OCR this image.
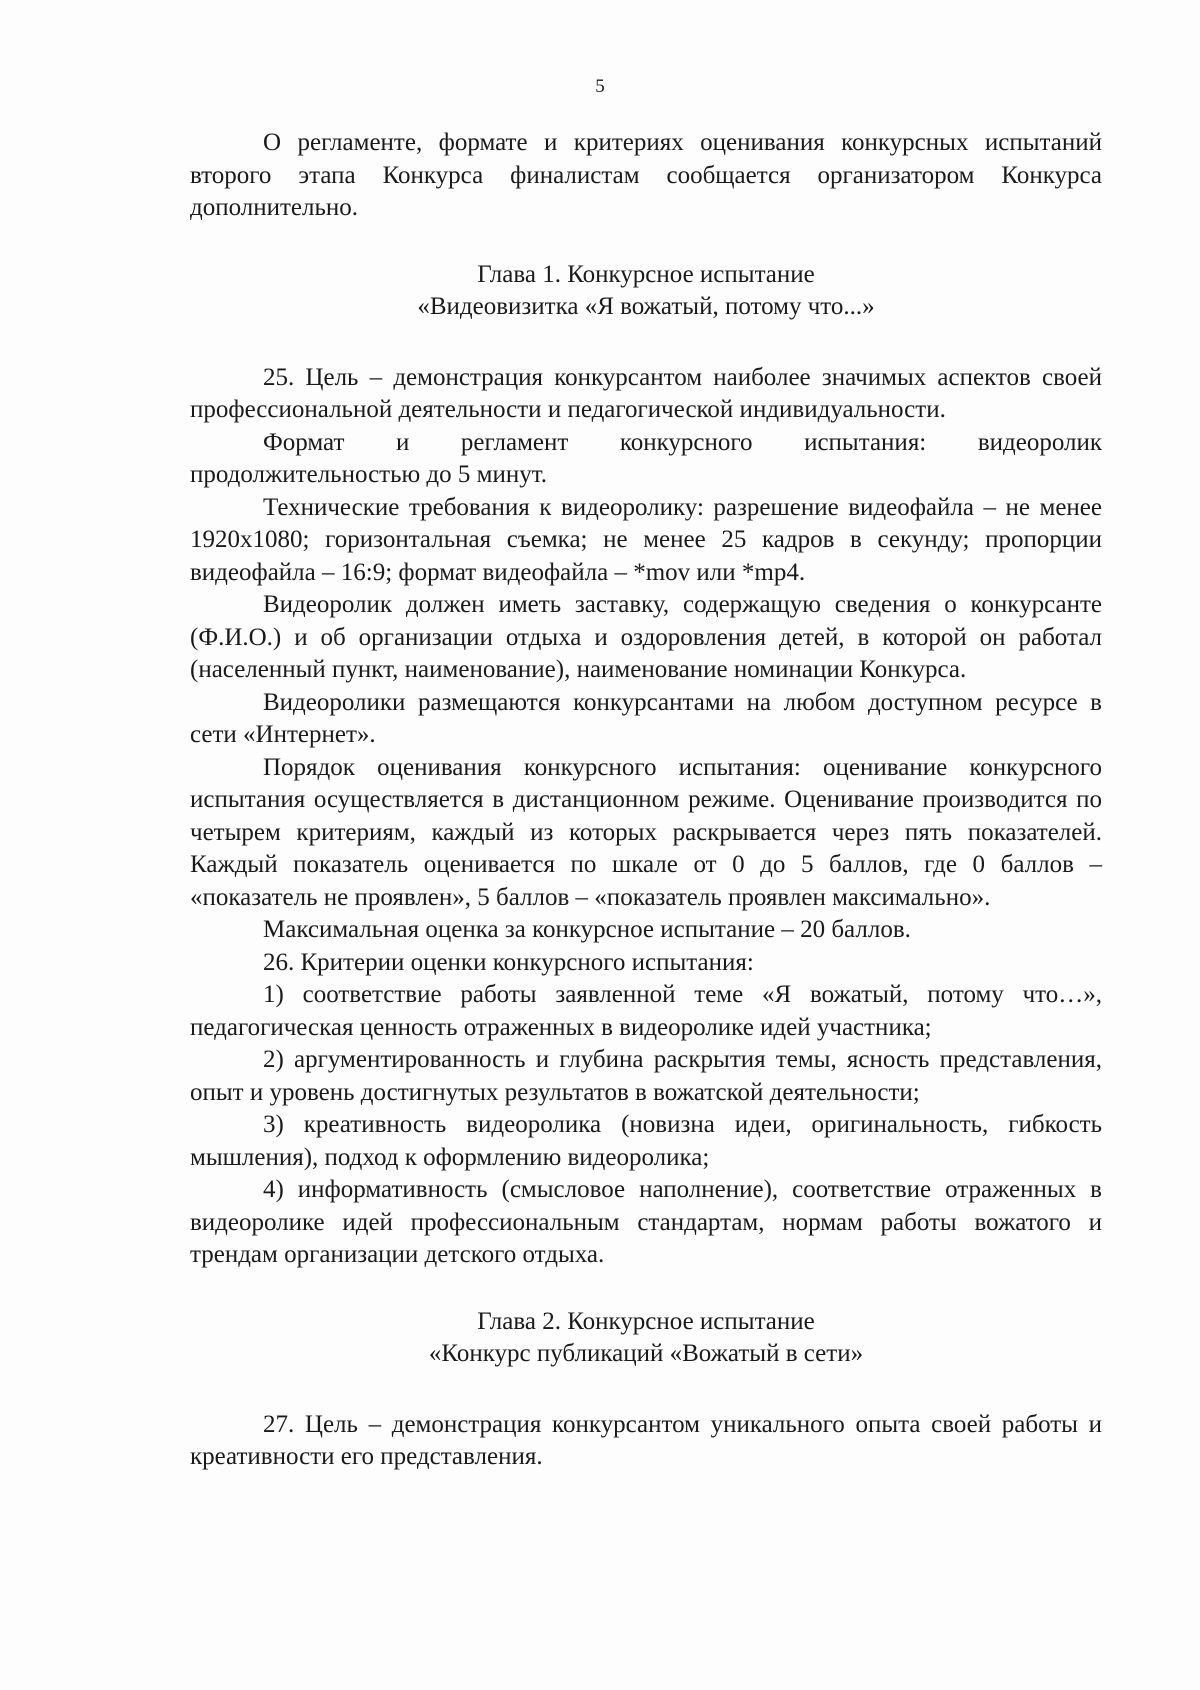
5

О регламенте, формате и критериях оценивания конкурсных испытаний второго этапа Конкурса финалистам сообщается организатором Конкурса дополнительно.

Глава 1. Конкурсное испытание

«Видеовизитка «Я вожатый, потому что...»

25. Цель – демонстрация конкурсантом наиболее значимых аспектов своей профессиональной деятельности и педагогической индивидуальности.

Формат и регламент конкурсного испытания: видеоролик продолжительностью до 5 минут.

Технические требования к видеоролику: разрешение видеофайла – не менее 1920х1080; горизонтальная съемка; не менее 25 кадров в секунду; пропорции видеофайла – 16:9; формат видеофайла – *mov или *mp4.

Видеоролик должен иметь заставку, содержащую сведения о конкурсанте (Ф.И.О.) и об организации отдыха и оздоровления детей, в которой он работал (населенный пункт, наименование), наименование номинации Конкурса.

Видеоролики размещаются конкурсантами на любом доступном ресурсе в сети «Интернет».

Порядок оценивания конкурсного испытания: оценивание конкурсного испытания осуществляется в дистанционном режиме. Оценивание производится по четырем критериям, каждый из которых раскрывается через пять показателей. Каждый показатель оценивается по шкале от 0 до 5 баллов, где 0 баллов – «показатель не проявлен», 5 баллов – «показатель проявлен максимально».

Максимальная оценка за конкурсное испытание – 20 баллов.

26. Критерии оценки конкурсного испытания:

1) соответствие работы заявленной теме «Я вожатый, потому что…», педагогическая ценность отраженных в видеоролике идей участника;

2) аргументированность и глубина раскрытия темы, ясность представления, опыт и уровень достигнутых результатов в вожатской деятельности;

3) креативность видеоролика (новизна идеи, оригинальность, гибкость мышления), подход к оформлению видеоролика;

4) информативность (смысловое наполнение), соответствие отраженных в видеоролике идей профессиональным стандартам, нормам работы вожатого и трендам организации детского отдыха.

Глава 2. Конкурсное испытание

«Конкурс публикаций «Вожатый в сети»

27. Цель – демонстрация конкурсантом уникального опыта своей работы и креативности его представления.
